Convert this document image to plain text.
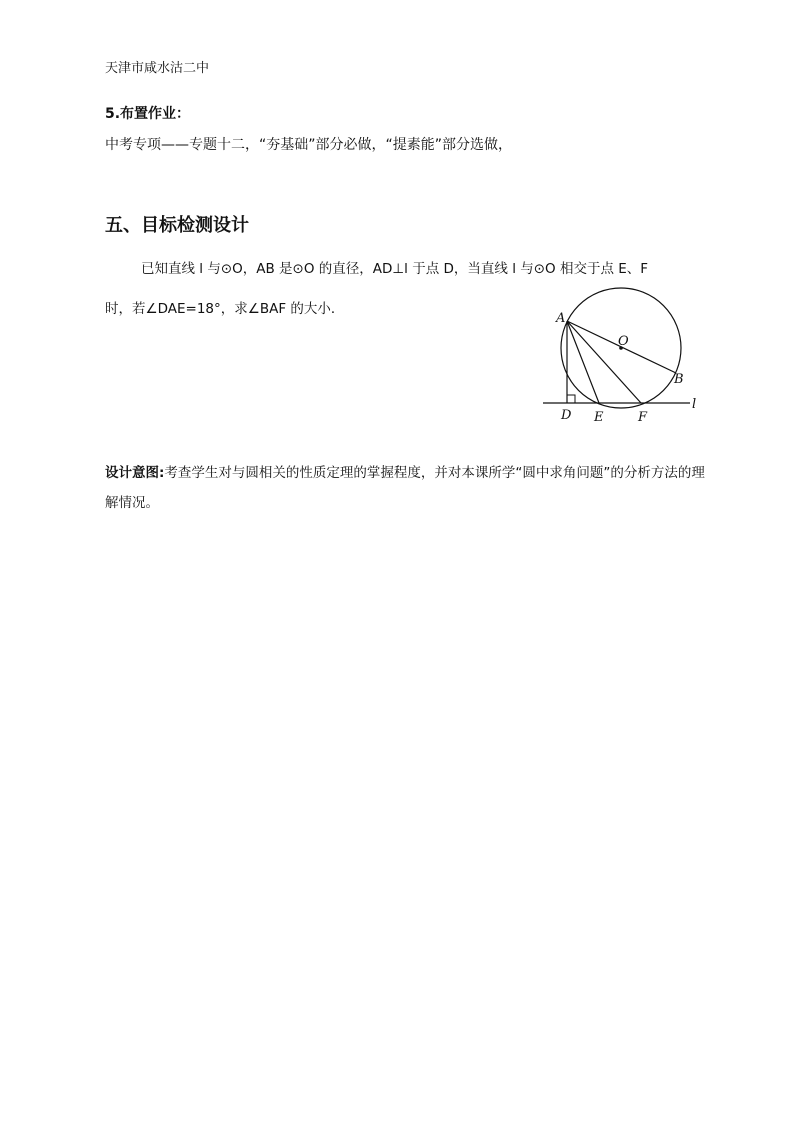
天津市咸水沽二中
5.布置作业：
中考专项——专题十二，“夯基础”部分必做，“提素能”部分选做，
五、目标检测设计
已知直线 l 与⊙O，AB 是⊙O 的直径，AD⊥l 于点 D，当直线 l 与⊙O 相交于点 E、F
时，若∠DAE=18°，求∠BAF 的大小．
A
O
B
D E	F
l
设计意图:考查学生对与圆相关的性质定理的掌握程度，并对本课所学“圆中求角问题”的分析方法的理解情况。
